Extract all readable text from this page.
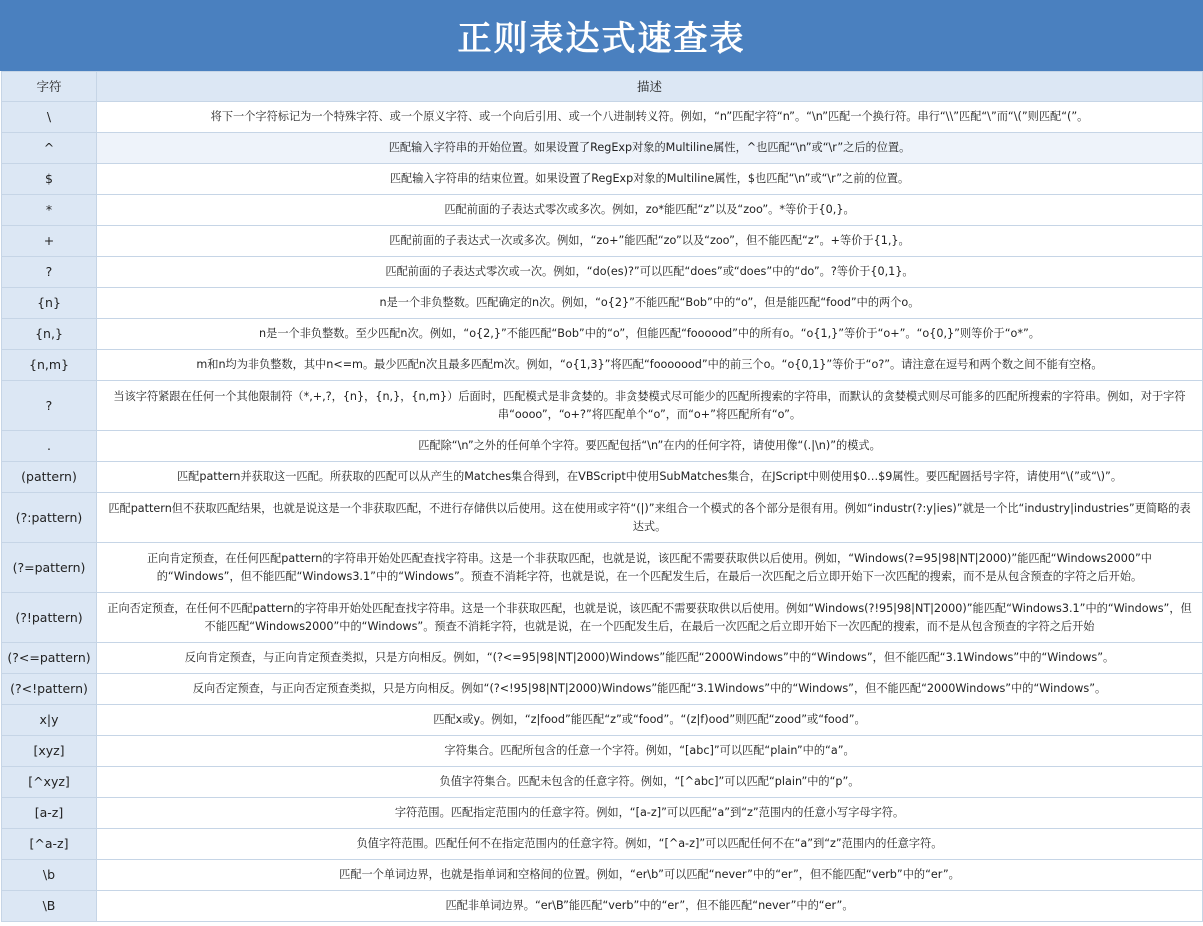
正则表达式速查表
字符	描述
\	将下一个字符标记为一个特殊字符、或一个原义字符、或一个向后引用、或一个八进制转义符。例如，“n”匹配字符“n”。“\n”匹配一个换行符。串行“\\”匹配“\”而“\(”则匹配“(”。
^	匹配输入字符串的开始位置。如果设置了RegExp对象的Multiline属性，^也匹配“\n”或“\r”之后的位置。
$	匹配输入字符串的结束位置。如果设置了RegExp对象的Multiline属性，$也匹配“\n”或“\r”之前的位置。
*	匹配前面的子表达式零次或多次。例如，zo*能匹配“z”以及“zoo”。*等价于{0,}。
+	匹配前面的子表达式一次或多次。例如，“zo+”能匹配“zo”以及“zoo”，但不能匹配“z”。+等价于{1,}。
?	匹配前面的子表达式零次或一次。例如，“do(es)?”可以匹配“does”或“does”中的“do”。?等价于{0,1}。
{n}	n是一个非负整数。匹配确定的n次。例如，“o{2}”不能匹配“Bob”中的“o”，但是能匹配“food”中的两个o。
{n,}	n是一个非负整数。至少匹配n次。例如，“o{2,}”不能匹配“Bob”中的“o”，但能匹配“foooood”中的所有o。“o{1,}”等价于“o+”。“o{0,}”则等价于“o*”。
{n,m}	m和n均为非负整数，其中n<=m。最少匹配n次且最多匹配m次。例如，“o{1,3}”将匹配“fooooood”中的前三个o。“o{0,1}”等价于“o?”。请注意在逗号和两个数之间不能有空格。
?	当该字符紧跟在任何一个其他限制符（*,+,?，{n}，{n,}，{n,m}）后面时，匹配模式是非贪婪的。非贪婪模式尽可能少的匹配所搜索的字符串，而默认的贪婪模式则尽可能多的匹配所搜索的字符串。例如，对于字符串“oooo”，“o+?”将匹配单个“o”，而“o+”将匹配所有“o”。
.	匹配除“\n”之外的任何单个字符。要匹配包括“\n”在内的任何字符，请使用像“(.|\n)”的模式。
(pattern)	匹配pattern并获取这一匹配。所获取的匹配可以从产生的Matches集合得到，在VBScript中使用SubMatches集合，在JScript中则使用$0…$9属性。要匹配圆括号字符，请使用“\(”或“\)”。
(?:pattern)	匹配pattern但不获取匹配结果，也就是说这是一个非获取匹配，不进行存储供以后使用。这在使用或字符“(|)”来组合一个模式的各个部分是很有用。例如“industr(?:y|ies)”就是一个比“industry|industries”更简略的表达式。
(?=pattern)	正向肯定预查，在任何匹配pattern的字符串开始处匹配查找字符串。这是一个非获取匹配，也就是说，该匹配不需要获取供以后使用。例如，“Windows(?=95|98|NT|2000)”能匹配“Windows2000”中的“Windows”，但不能匹配“Windows3.1”中的“Windows”。预查不消耗字符，也就是说，在一个匹配发生后，在最后一次匹配之后立即开始下一次匹配的搜索，而不是从包含预查的字符之后开始。
(?!pattern)	正向否定预查，在任何不匹配pattern的字符串开始处匹配查找字符串。这是一个非获取匹配，也就是说，该匹配不需要获取供以后使用。例如“Windows(?!95|98|NT|2000)”能匹配“Windows3.1”中的“Windows”，但不能匹配“Windows2000”中的“Windows”。预查不消耗字符，也就是说，在一个匹配发生后，在最后一次匹配之后立即开始下一次匹配的搜索，而不是从包含预查的字符之后开始
(?<=pattern)	反向肯定预查，与正向肯定预查类拟，只是方向相反。例如，“(?<=95|98|NT|2000)Windows”能匹配“2000Windows”中的“Windows”，但不能匹配“3.1Windows”中的“Windows”。
(?<!pattern)	反向否定预查，与正向否定预查类拟，只是方向相反。例如“(?<!95|98|NT|2000)Windows”能匹配“3.1Windows”中的“Windows”，但不能匹配“2000Windows”中的“Windows”。
x|y	匹配x或y。例如，“z|food”能匹配“z”或“food”。“(z|f)ood”则匹配“zood”或“food”。
[xyz]	字符集合。匹配所包含的任意一个字符。例如，“[abc]”可以匹配“plain”中的“a”。
[^xyz]	负值字符集合。匹配未包含的任意字符。例如，“[^abc]”可以匹配“plain”中的“p”。
[a-z]	字符范围。匹配指定范围内的任意字符。例如，“[a-z]”可以匹配“a”到“z”范围内的任意小写字母字符。
[^a-z]	负值字符范围。匹配任何不在指定范围内的任意字符。例如，“[^a-z]”可以匹配任何不在“a”到“z”范围内的任意字符。
\b	匹配一个单词边界，也就是指单词和空格间的位置。例如，“er\b”可以匹配“never”中的“er”，但不能匹配“verb”中的“er”。
\B	匹配非单词边界。“er\B”能匹配“verb”中的“er”，但不能匹配“never”中的“er”。
